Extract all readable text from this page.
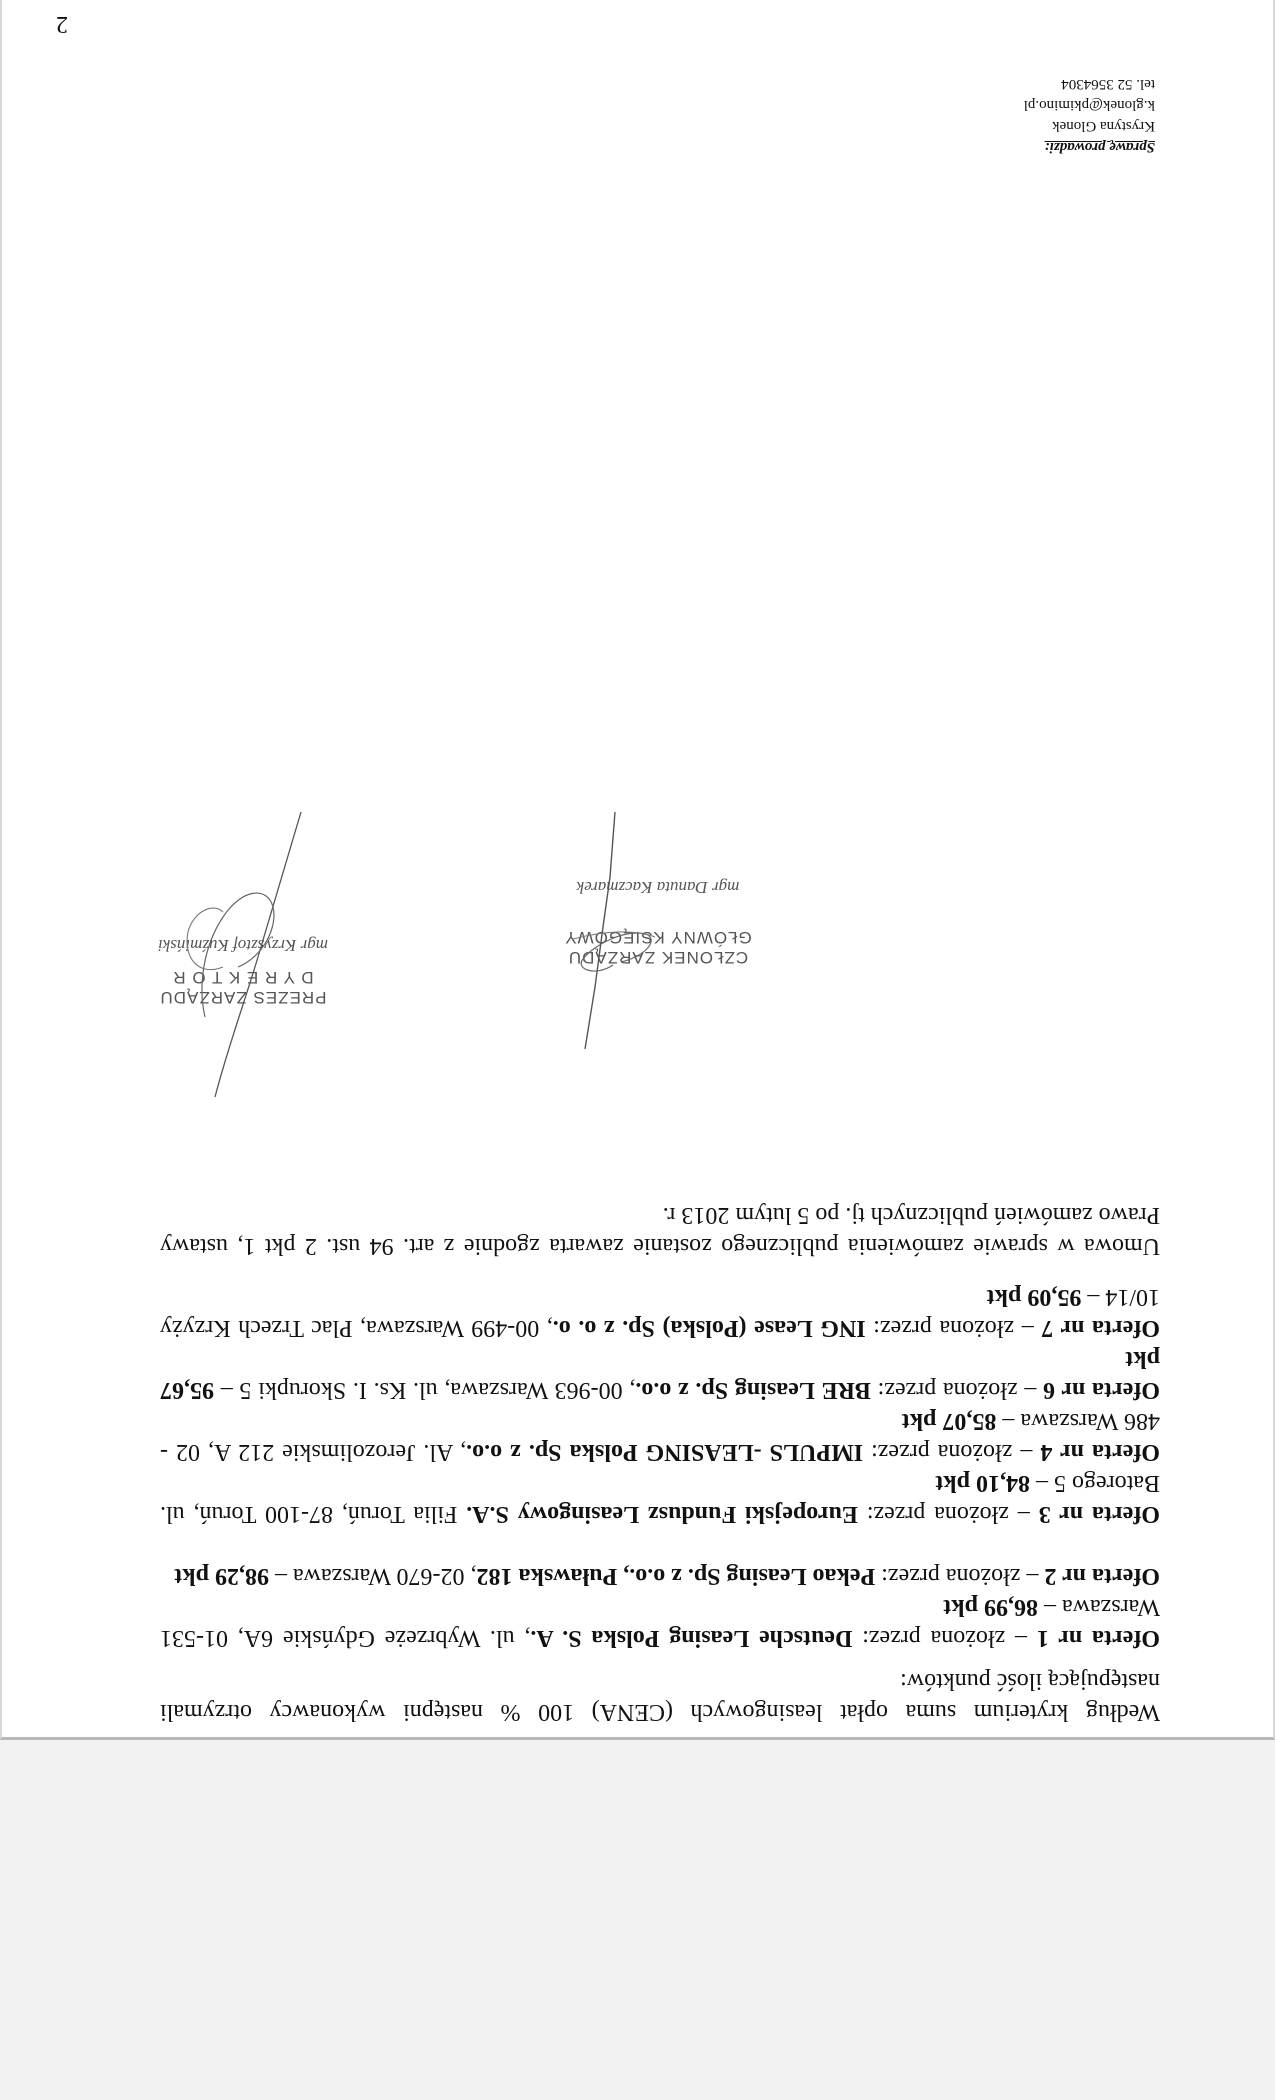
Według kryterium suma opłat leasingowych (CENA) 100 % następni wykonawcy otrzymali następującą ilość punktów:
Oferta nr 1 – złożona przez: Deutsche Leasing Polska S. A., ul. Wybrzeże Gdyńskie 6A, 01-531 Warszawa – 86,99 pkt
Oferta nr 2 – złożona przez: Pekao Leasing Sp. z o.o., Puławska 182, 02-670 Warszawa – 98,29 pkt
Oferta nr 3 – złożona przez: Europejski Fundusz Leasingowy S.A. Filia Toruń, 87-100 Toruń, ul. Batorego 5 – 84,10 pkt
Oferta nr 4 – złożona przez: IMPULS -LEASING Polska Sp. z o.o., Al. Jerozolimskie 212 A, 02 - 486 Warszawa – 85,07 pkt
Oferta nr 6 – złożona przez: BRE Leasing Sp. z o.o., 00-963 Warszawa, ul. Ks. I. Skorupki 5 – 95,67 pkt
Oferta nr 7 – złożona przez: ING Lease (Polska) Sp. z o. o., 00-499 Warszawa, Plac Trzech Krzyży 10/14 – 95,09 pkt
Umowa w sprawie zamówienia publicznego zostanie zawarta zgodnie z art. 94 ust. 2 pkt 1, ustawy Prawo zamówień publicznych tj. po 5 lutym 2013 r.
CZŁONEK ZARZĄDU
GŁÓWNY KSIĘGOWY
mgr Danuta Kaczmarek
PREZES ZARZĄDU
D Y R E K T O R
mgr Krzysztof Kuźmiński
Sprawę prowadzi:
Krystyna Glonek
k.glonek@pkimino.pl
tel. 52 3564304
2
